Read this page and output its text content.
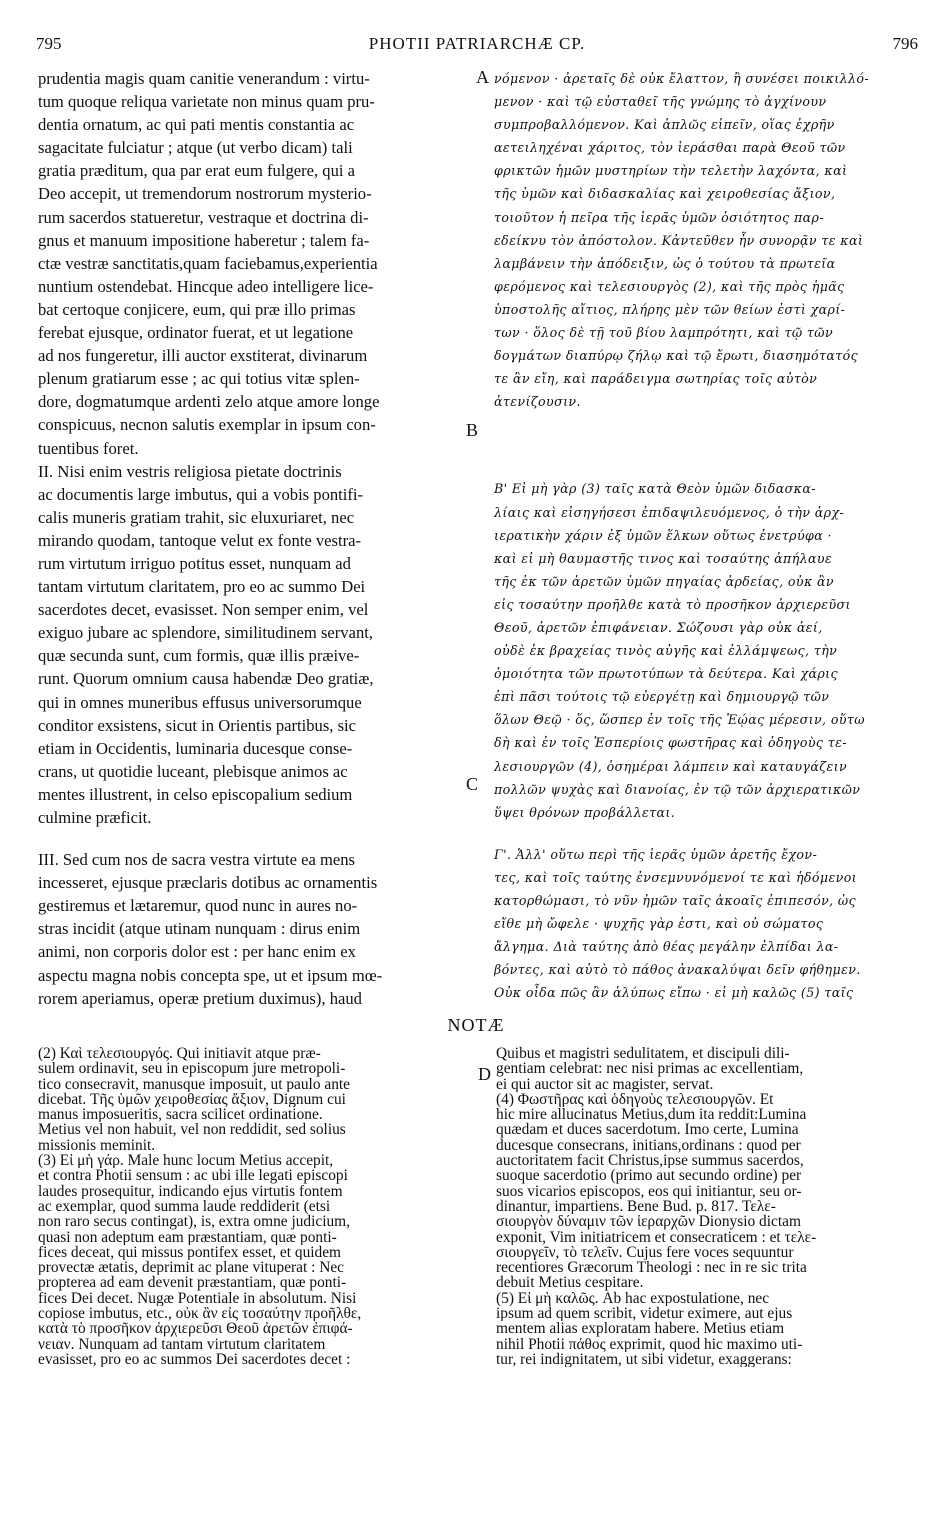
795	PHOTII PATRIARCHÆ CP.	796
prudentia magis quam canitie venerandum : virtu-
tum quoque reliqua varietate non minus quam pru-
dentia ornatum, ac qui pati mentis constantia ac
sagacitate fulciatur ; atque (ut verbo dicam) tali
gratia præditum, qua par erat eum fulgere, qui a
Deo accepit, ut tremendorum nostrorum mysterio-
rum sacerdos statueretur, vestraque et doctrina di-
gnus et manuum impositione haberetur ; talem fa-
ctæ vestræ sanctitatis,quam faciebamus,experientia
nuntium ostendebat. Hincque adeo intelligere lice-
bat certoque conjicere, eum, qui præ illo primas
ferebat ejusque, ordinator fuerat, et ut legatione
ad nos fungeretur, illi auctor exstiterat, divinarum
plenum gratiarum esse ; ac qui totius vitæ splen-
dore, dogmatumque ardenti zelo atque amore longe
conspicuus, necnon salutis exemplar in ipsum con-
tuentibus foret.
II. Nisi enim vestris religiosa pietate doctrinis
ac documentis large imbutus, qui a vobis pontifi-
calis muneris gratiam trahit, sic eluxuriaret, nec
mirando quodam, tantoque velut ex fonte vestra-
rum virtutum irriguo potitus esset, nunquam ad
tantam virtutum claritatem, pro eo ac summo Dei
sacerdotes decet, evasisset. Non semper enim, vel
exiguo jubare ac splendore, similitudinem servant,
quæ secunda sunt, cum formis, quæ illis præive-
runt. Quorum omnium causa habendæ Deo gratiæ,
qui in omnes muneribus effusus universorumque
conditor exsistens, sicut in Orientis partibus, sic
etiam in Occidentis, luminaria ducesque conse-
crans, ut quotidie luceant, plebisque animos ac
mentes illustrent, in celso episcopalium sedium
culmine præficit.
III. Sed cum nos de sacra vestra virtute ea mens
incesseret, ejusque præclaris dotibus ac ornamentis
gestiremus et lætaremur, quod nunc in aures no-
stras incidit (atque utinam nunquam : dirus enim
animi, non corporis dolor est : per hanc enim ex
aspectu magna nobis concepta spe, ut et ipsum mœ-
rorem aperiamus, operæ pretium duximus), haud
A
B
C
D
νόμενον · ἀρεταῖς δὲ οὐκ ἔλαττον, ἢ συνέσει ποικιλλό-
μενον · καὶ τῷ εὐσταθεῖ τῆς γνώμης τὸ ἀγχίνουν
συμπροβαλλόμενον. Καὶ ἁπλῶς εἰπεῖν, οἵας ἐχρῆν
αετειληχέναι χάριτος, τὸν ἱεράσθαι παρὰ Θεοῦ τῶν
φρικτῶν ἡμῶν μυστηρίων τὴν τελετὴν λαχόντα, καὶ
τῆς ὑμῶν καὶ διδασκαλίας καὶ χειροθεσίας ἄξιον,
τοιοῦτον ἡ πεῖρα τῆς ἱερᾶς ὑμῶν ὁσιότητος παρ-
εδείκνυ τὸν ἀπόστολον. Κἀντεῦθεν ἦν συνορᾷν τε καὶ
λαμβάνειν τὴν ἀπόδειξιν, ὡς ὁ τούτου τὰ πρωτεῖα
φερόμενος καὶ τελεσιουργὸς (2), καὶ τῆς πρὸς ἡμᾶς
ὑποστολῆς αἴτιος, πλήρης μὲν τῶν θείων ἐστὶ χαρί-
των · ὅλος δὲ τῇ τοῦ βίου λαμπρότητι, καὶ τῷ τῶν
δογμάτων διαπύρῳ ζήλῳ καὶ τῷ ἔρωτι, διασημότατός
τε ἂν εἴη, καὶ παράδειγμα σωτηρίας τοῖς αὐτὸν
ἀτενίζουσιν.
Β' Εἰ μὴ γὰρ (3) ταῖς κατὰ Θεὸν ὑμῶν διδασκα-
λίαις καὶ εἰσηγήσεσι ἐπιδαψιλευόμενος, ὁ τὴν ἀρχ-
ιερατικὴν χάριν ἐξ ὑμῶν ἕλκων οὕτως ἐνετρύφα ·
καὶ εἰ μὴ θαυμαστῆς τινος καὶ τοσαύτης ἀπήλαυε
τῆς ἐκ τῶν ἀρετῶν ὑμῶν πηγαίας ἀρδείας, οὐκ ἂν
εἰς τοσαύτην προῆλθε κατὰ τὸ προσῆκον ἀρχιερεῦσι
Θεοῦ, ἀρετῶν ἐπιφάνειαν. Σώζουσι γὰρ οὐκ ἀεί,
οὐδὲ ἐκ βραχείας τινὸς αὐγῆς καὶ ἐλλάμψεως, τὴν
ὁμοιότητα τῶν πρωτοτύπων τὰ δεύτερα. Καὶ χάρις
ἐπὶ πᾶσι τούτοις τῷ εὐεργέτῃ καὶ δημιουργῷ τῶν
ὅλων Θεῷ · ὅς, ὥσπερ ἐν τοῖς τῆς Ἑῴας μέρεσιν, οὕτω
δὴ καὶ ἐν τοῖς Ἑσπερίοις φωστῆρας καὶ ὁδηγοὺς τε-
λεσιουργῶν (4), ὁσημέραι λάμπειν καὶ καταυγάζειν
πολλῶν ψυχὰς καὶ διανοίας, ἐν τῷ τῶν ἀρχιερατικῶν
ὕψει θρόνων προβάλλεται.
Γ'. Ἀλλ' οὕτω περὶ τῆς ἱερᾶς ὑμῶν ἀρετῆς ἔχον-
τες, καὶ τοῖς ταύτης ἐνσεμνυνόμενοί τε καὶ ἡδόμενοι
κατορθώμασι, τὸ νῦν ἡμῶν ταῖς ἀκοαῖς ἐπιπεσόν, ὡς
εἴθε μὴ ὤφελε · ψυχῆς γὰρ ἐστι, καὶ οὐ σώματος
ἄλγημα. Διὰ ταύτης ἀπὸ θέας μεγάλην ἐλπίδαι λα-
βόντες, καὶ αὐτὸ τὸ πάθος ἀνακαλύψαι δεῖν φήθημεν.
Οὐκ οἶδα πῶς ἂν ἀλύπως εἴπω · εἰ μὴ καλῶς (5) ταῖς
NOTÆ
(2) Καὶ τελεσιουργός. Qui initiavit atque præ-
sulem ordinavit, seu in episcopum jure metropoli-
tico consecravit, manusque imposuit, ut paulo ante
dicebat. Τῆς ὑμῶν χειροθεσίας ἄξιον, Dignum cui
manus imposueritis, sacra scilicet ordinatione.
Metius vel non habuit, vel non reddidit, sed solius
missionis meminit.
(3) Εἰ μὴ γάρ. Male hunc locum Metius accepit,
et contra Photii sensum : ac ubi ille legati episcopi
laudes prosequitur, indicando ejus virtutis fontem
ac exemplar, quod summa laude reddiderit (etsi
non raro secus contingat), is, extra omne judicium,
quasi non adeptum eam præstantiam, quæ ponti-
fices deceat, qui missus pontifex esset, et quidem
provectæ ætatis, deprimit ac plane vituperat : Nec
propterea ad eam devenit præstantiam, quæ ponti-
fices Dei decet. Nugæ Potentiale in absolutum. Nisi
copiose imbutus, etc., οὐκ ἂν εἰς τοσαύτην προῆλθε,
κατὰ τὸ προσῆκον ἀρχιερεῦσι Θεοῦ ἀρετῶν ἐπιφά-
νειαν. Nunquam ad tantam virtutum claritatem
evasisset, pro eo ac summos Dei sacerdotes decet :
Quibus et magistri sedulitatem, et discipuli dili-
gentiam celebrat: nec nisi primas ac excellentiam,
ei qui auctor sit ac magister, servat.
(4) Φωστῆρας καὶ ὁδηγοὺς τελεσιουργῶν. Et
hic mire allucinatus Metius,dum ita reddit:Lumina
quædam et duces sacerdotum. Imo certe, Lumina
ducesque consecrans, initians,ordinans : quod per
auctoritatem facit Christus,ipse summus sacerdos,
suoque sacerdotio (primo aut secundo ordine) per
suos vicarios episcopos, eos qui initiantur, seu or-
dinantur, impartiens. Bene Bud. p. 817. Τελε-
σιουργὸν δύναμιν τῶν ἱεραρχῶν Dionysio dictam
exponit, Vim initiatricem et consecraticem : et τελε-
σιουργεῖν, τὸ τελεῖν. Cujus fere voces sequuntur
recentiores Græcorum Theologi : nec in re sic trita
debuit Metius cespitare.
(5) Εἰ μὴ καλῶς. Ab hac expostulatione, nec
ipsum ad quem scribit, videtur eximere, aut ejus
mentem alias exploratam habere. Metius etiam
nihil Photii πάθος exprimit, quod hic maximo uti-
tur, rei indignitatem, ut sibi videtur, exaggerans:
